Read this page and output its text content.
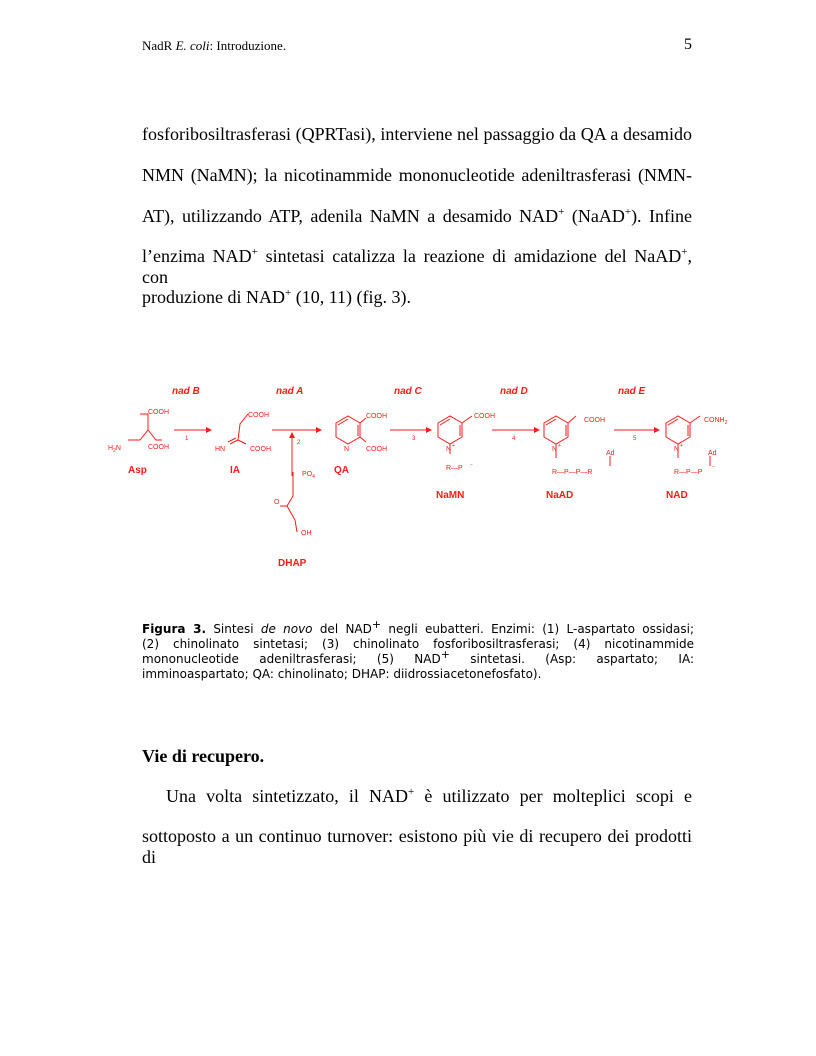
NadR E. coli: Introduzione.	5
fosforibosiltrasferasi (QPRTasi), interviene nel passaggio da QA a desamido
NMN (NaMN); la nicotinammide mononucleotide adeniltrasferasi (NMN-
AT), utilizzando ATP, adenila NaMN a desamido NAD+ (NaAD+). Infine
l’enzima NAD+ sintetasi catalizza la reazione di amidazione del NaAD+, con
produzione di NAD+ (10, 11) (fig. 3).
nad B	nad A	nad C	nad D	nad E
1
2
3	4	5
COOH
$H_2N$	COOH
COOH
HN	COOH
COOH
N COOH
COOH
N +
R—P −
COOH
N +
Ad
R—P—P—R
$CONH_2$
N +
Ad
R—P—P
−
$PO_4$
O
OH
Asp	IA	QA
NaMN	NaAD	NAD
DHAP
Figura 3. Sintesi de novo del NAD+ negli eubatteri. Enzimi: (1) L-aspartato ossidasi;
(2) chinolinato sintetasi; (3) chinolinato fosforibosiltrasferasi; (4) nicotinammide
mononucleotide adeniltrasferasi; (5) NAD+ sintetasi. (Asp: aspartato; IA:
imminoaspartato; QA: chinolinato; DHAP: diidrossiacetonefosfato).
Vie di recupero.
Una volta sintetizzato, il NAD+ è utilizzato per molteplici scopi e
sottoposto a un continuo turnover: esistono più vie di recupero dei prodotti di
